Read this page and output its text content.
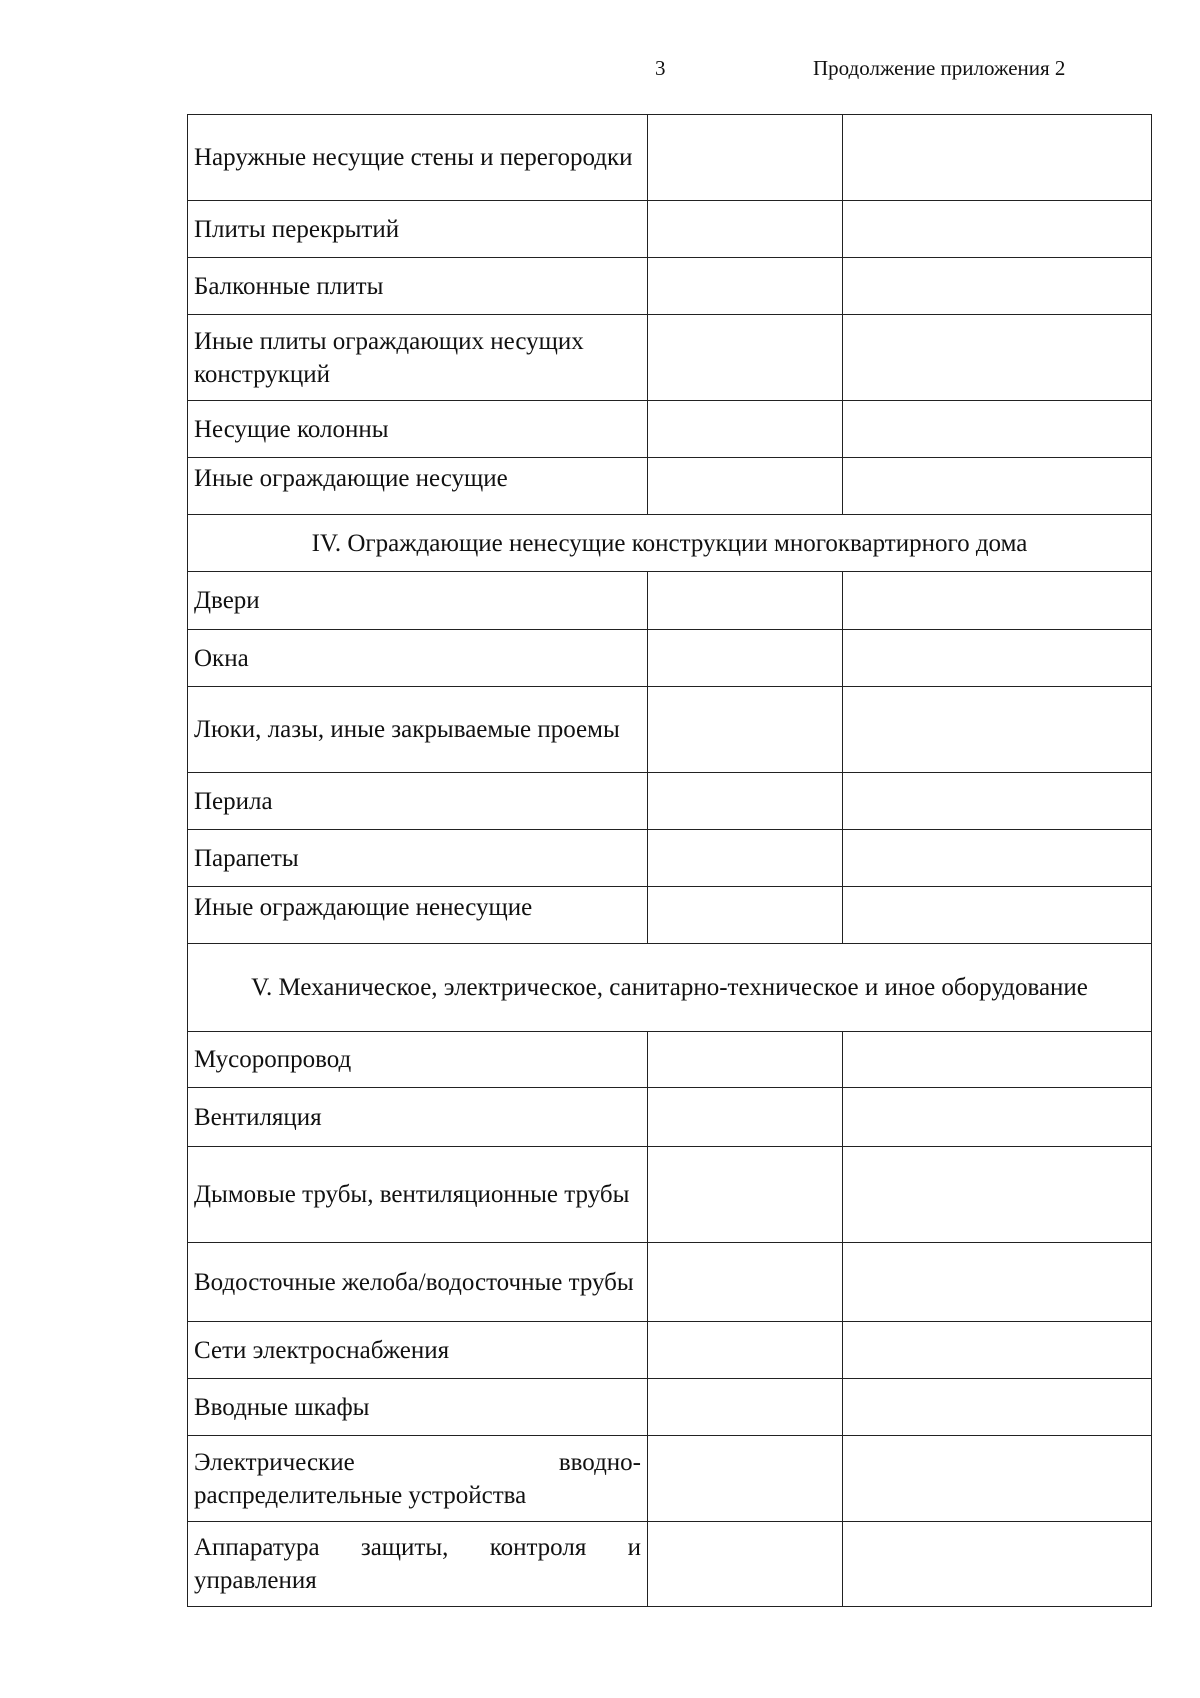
3	Продолжение приложения 2
Наружные несущие стены и перегородки		
Плиты перекрытий		
Балконные плиты		
Иные плиты ограждающих несущих конструкций		
Несущие колонны		

Иные ограждающие несущие		

IV. Ограждающие ненесущие конструкции многоквартирного дома		
Двери		
Окна		
Люки, лазы, иные закрываемые проемы		
Перила		
Парапеты		

Иные ограждающие ненесущие		

V. Механическое, электрическое, санитарно-техническое и иное оборудование		
Мусоропровод		
Вентиляция		
Дымовые трубы, вентиляционные трубы		
Водосточные желоба/водосточные трубы		
Сети электроснабжения		
Вводные шкафы		
Электрические вводно-распределительные устройства		
Аппаратура защиты, контроля и управления		
